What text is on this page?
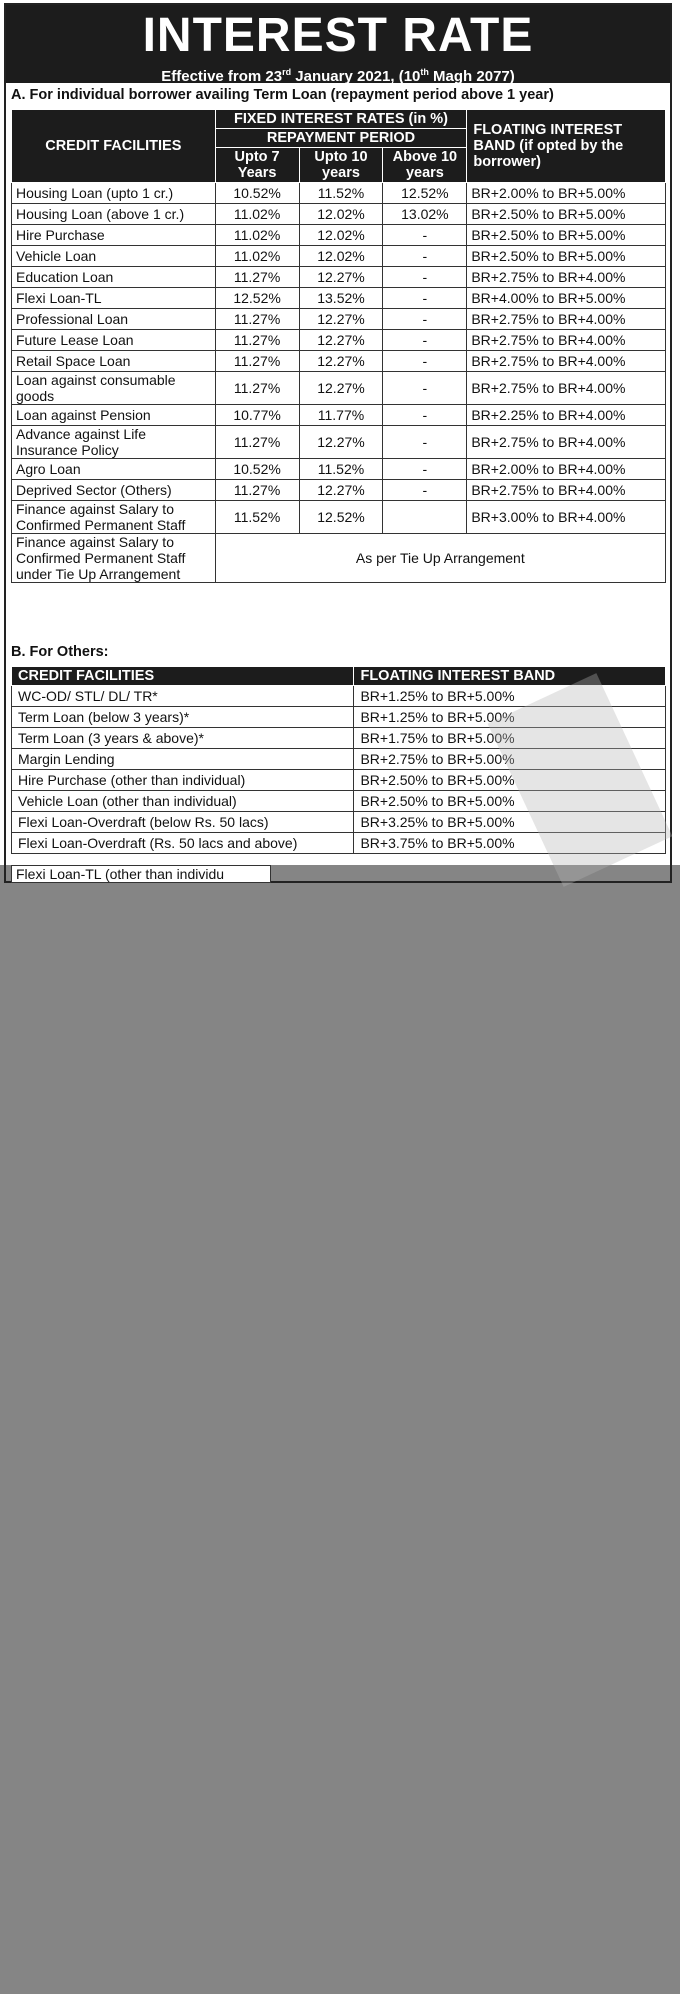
INTEREST RATE
Effective from 23rd January 2021, (10th Magh 2077)
A. For individual borrower availing Term Loan (repayment period above 1 year)
CREDIT FACILITIES	FIXED INTEREST RATES (in %)			FLOATING INTEREST BAND (if opted by the borrower)
	REPAYMENT PERIOD			
	Upto 7 Years	Upto 10 years	Above 10 years	
Housing Loan (upto 1 cr.)	10.52%	11.52%	12.52%	BR+2.00% to BR+5.00%
Housing Loan (above 1 cr.)	11.02%	12.02%	13.02%	BR+2.50% to BR+5.00%
Hire Purchase	11.02%	12.02%	-	BR+2.50% to BR+5.00%
Vehicle Loan	11.02%	12.02%	-	BR+2.50% to BR+5.00%
Education Loan	11.27%	12.27%	-	BR+2.75% to BR+4.00%
Flexi Loan-TL	12.52%	13.52%	-	BR+4.00% to BR+5.00%
Professional Loan	11.27%	12.27%	-	BR+2.75% to BR+4.00%
Future Lease Loan	11.27%	12.27%	-	BR+2.75% to BR+4.00%
Retail Space Loan	11.27%	12.27%	-	BR+2.75% to BR+4.00%
Loan against consumable goods	11.27%	12.27%	-	BR+2.75% to BR+4.00%
Loan against Pension	10.77%	11.77%	-	BR+2.25% to BR+4.00%
Advance against Life Insurance Policy	11.27%	12.27%	-	BR+2.75% to BR+4.00%
Agro Loan	10.52%	11.52%	-	BR+2.00% to BR+4.00%
Deprived Sector (Others)	11.27%	12.27%	-	BR+2.75% to BR+4.00%
Finance against Salary to Confirmed Permanent Staff	11.52%	12.52%		BR+3.00% to BR+4.00%
Finance against Salary to Confirmed Permanent Staff under Tie Up Arrangement	As per Tie Up Arrangement			
B. For Others:
CREDIT FACILITIES	FLOATING INTEREST BAND
WC-OD/ STL/ DL/ TR*	BR+1.25% to BR+5.00%
Term Loan (below 3 years)*	BR+1.25% to BR+5.00%
Term Loan (3 years & above)*	BR+1.75% to BR+5.00%
Margin Lending	BR+2.75% to BR+5.00%
Hire Purchase (other than individual)	BR+2.50% to BR+5.00%
Vehicle Loan (other than individual)	BR+2.50% to BR+5.00%
Flexi Loan-Overdraft (below Rs. 50 lacs)	BR+3.25% to BR+5.00%
Flexi Loan-Overdraft (Rs. 50 lacs and above)	BR+3.75% to BR+5.00%
Flexi Loan-TL (other than individu
